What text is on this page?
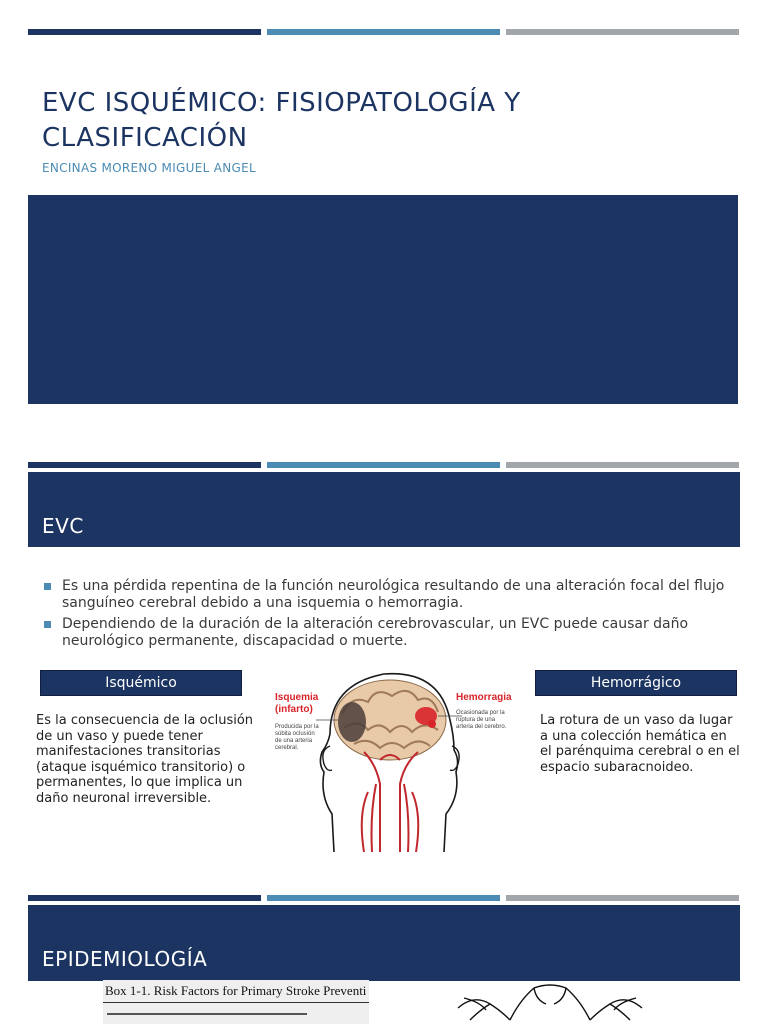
EVC ISQUÉMICO: FISIOPATOLOGÍA Y CLASIFICACIÓN
ENCINAS MORENO MIGUEL ANGEL
EVC
Es una pérdida repentina de la función neurológica resultando de una alteración focal del flujo sanguíneo cerebral debido a una isquemia o hemorragia.
Dependiendo de la duración de la alteración cerebrovascular, un EVC puede causar daño neurológico permanente, discapacidad o muerte.
Isquémico
Es la consecuencia de la oclusión de un vaso y puede tener manifestaciones transitorias (ataque isquémico transitorio) o permanentes, lo que implica un daño neuronal irreversible.
Hemorrágico
La rotura de un vaso da lugar a una colección hemática en el parénquima cerebral o en el espacio subaracnoideo.
Isquemia (infarto)
Producida por la súbita oclusión de una arteria cerebral.
Hemorragia
Ocasionada por la ruptura de una arteria del cerebro.
EPIDEMIOLOGÍA
Box 1-1. Risk Factors for Primary Stroke Preventi
